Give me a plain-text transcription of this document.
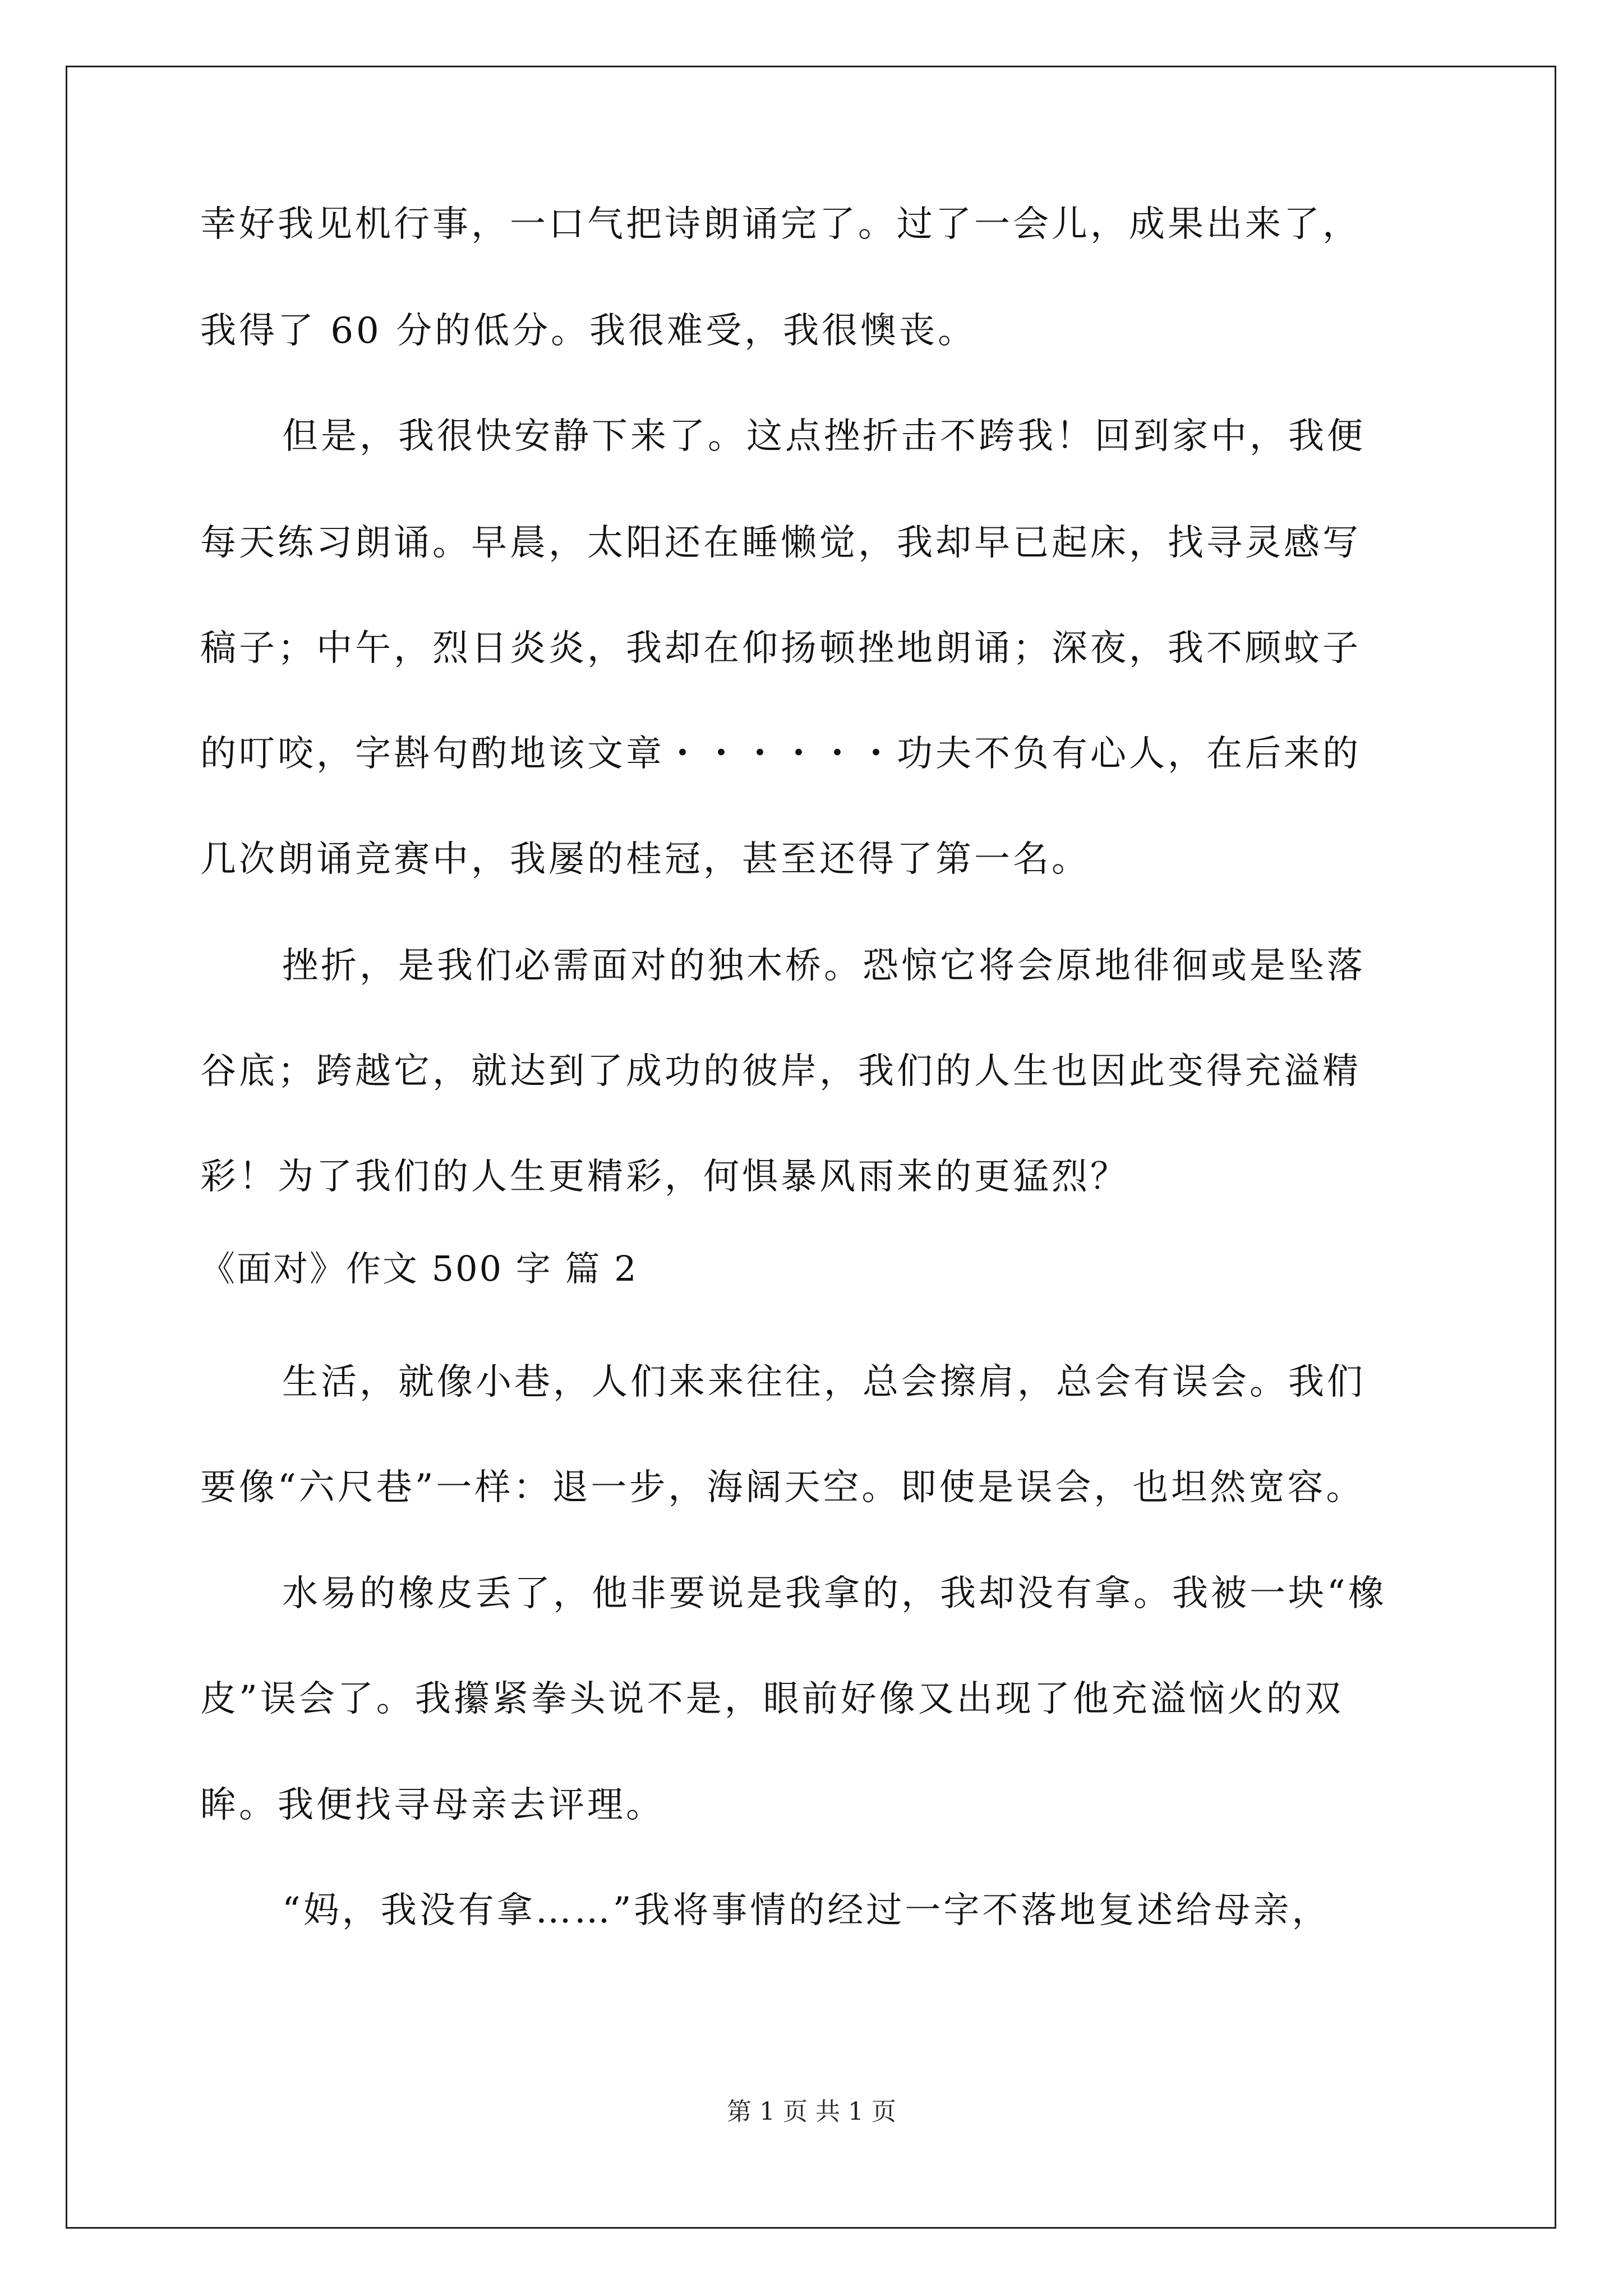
幸好我见机行事，一口气把诗朗诵完了。过了一会儿，成果出来了，
我得了 60 分的低分。我很难受，我很懊丧。
但是，我很快安静下来了。这点挫折击不跨我！回到家中，我便
每天练习朗诵。早晨，太阳还在睡懒觉，我却早已起床，找寻灵感写
稿子；中午，烈日炎炎，我却在仰扬顿挫地朗诵；深夜，我不顾蚊子
的叮咬，字斟句酌地该文章・・・・・・功夫不负有心人，在后来的
几次朗诵竞赛中，我屡的桂冠，甚至还得了第一名。
挫折，是我们必需面对的独木桥。恐惊它将会原地徘徊或是坠落
谷底；跨越它，就达到了成功的彼岸，我们的人生也因此变得充溢精
彩！为了我们的人生更精彩，何惧暴风雨来的更猛烈？
《面对》作文 500 字 篇 2
生活，就像小巷，人们来来往往，总会擦肩，总会有误会。我们
要像“六尺巷”一样：退一步，海阔天空。即使是误会，也坦然宽容。
水易的橡皮丢了，他非要说是我拿的，我却没有拿。我被一块“橡
皮”误会了。我攥紧拳头说不是，眼前好像又出现了他充溢恼火的双
眸。我便找寻母亲去评理。
“妈，我没有拿……”我将事情的经过一字不落地复述给母亲，
第 1 页 共 1 页
